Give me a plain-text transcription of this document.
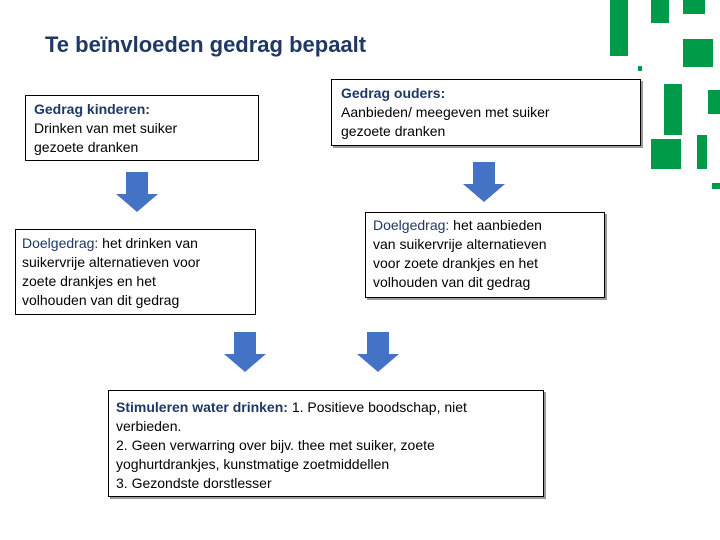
Te beïnvloeden gedrag bepaalt
Gedrag kinderen:
Drinken van met suiker
gezoete dranken
Gedrag ouders:
Aanbieden/ meegeven met suiker
gezoete dranken
Doelgedrag: het drinken van
suikervrije alternatieven voor
zoete drankjes en het
volhouden van dit gedrag
Doelgedrag: het aanbieden
van suikervrije alternatieven
voor zoete drankjes en het
volhouden van dit gedrag
Stimuleren water drinken: 1. Positieve boodschap, niet
verbieden.
2. Geen verwarring over bijv. thee met suiker, zoete
yoghurtdrankjes, kunstmatige zoetmiddellen
3. Gezondste dorstlesser
